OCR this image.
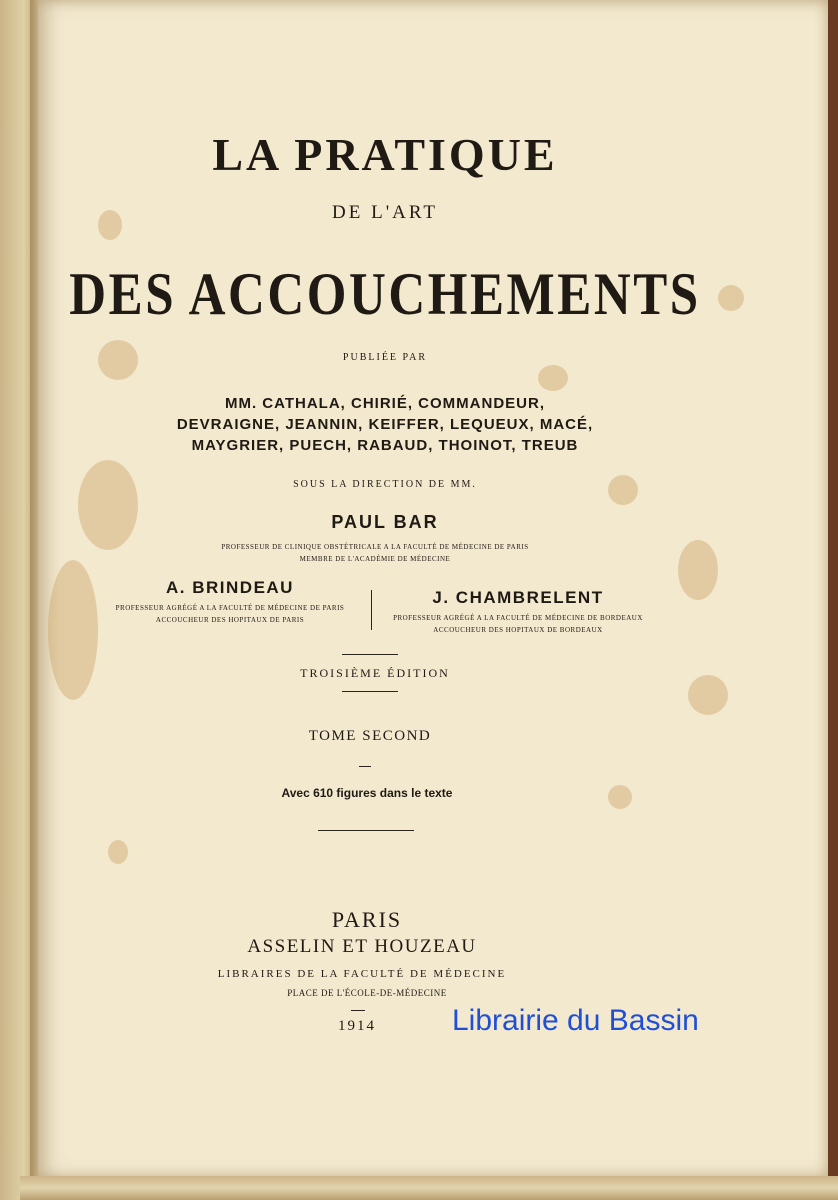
LA PRATIQUE
DE L'ART
DES ACCOUCHEMENTS
PUBLIÉE PAR
MM. CATHALA, CHIRIÉ, COMMANDEUR,
DEVRAIGNE, JEANNIN, KEIFFER, LEQUEUX, MACÉ,
MAYGRIER, PUECH, RABAUD, THOINOT, TREUB
SOUS LA DIRECTION DE MM.
PAUL BAR
PROFESSEUR DE CLINIQUE OBSTÉTRICALE A LA FACULTÉ DE MÉDECINE DE PARIS
MEMBRE DE L'ACADÉMIE DE MÉDECINE
A. BRINDEAU
PROFESSEUR AGRÉGÉ A LA FACULTÉ DE MÉDECINE DE PARIS
ACCOUCHEUR DES HOPITAUX DE PARIS
J. CHAMBRELENT
PROFESSEUR AGRÉGÉ A LA FACULTÉ DE MÉDECINE DE BORDEAUX
ACCOUCHEUR DES HOPITAUX DE BORDEAUX
TROISIÈME ÉDITION
TOME SECOND
Avec 610 figures dans le texte
PARIS
ASSELIN ET HOUZEAU
LIBRAIRES DE LA FACULTÉ DE MÉDECINE
PLACE DE L'ÉCOLE-DE-MÉDECINE
1914	Librairie du Bassin
